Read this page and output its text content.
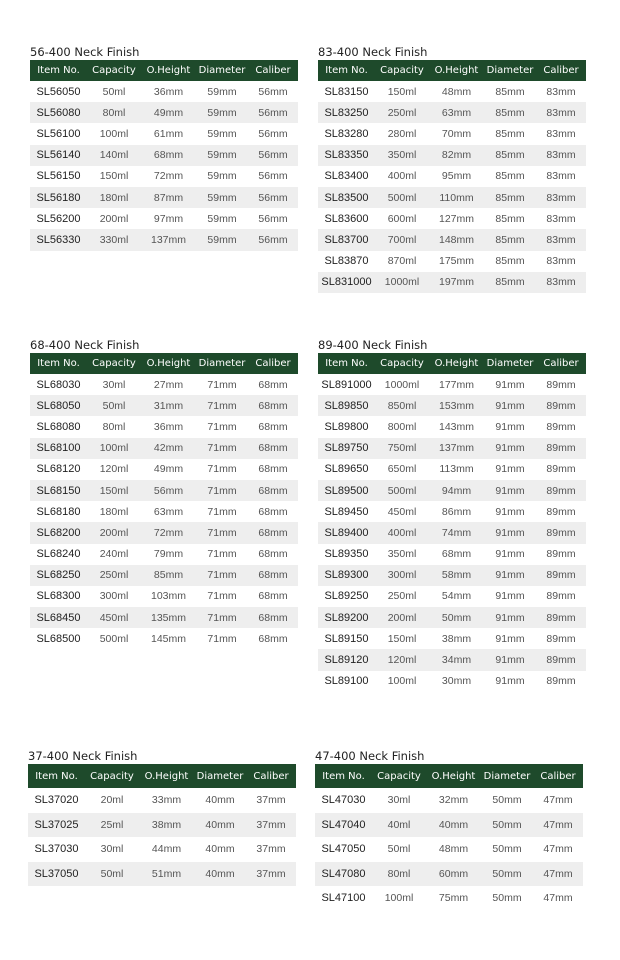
56-400 Neck Finish
Item No.	Capacity	O.Height	Diameter	Caliber
SL56050	50ml	36mm	59mm	56mm
SL56080	80ml	49mm	59mm	56mm
SL56100	100ml	61mm	59mm	56mm
SL56140	140ml	68mm	59mm	56mm
SL56150	150ml	72mm	59mm	56mm
SL56180	180ml	87mm	59mm	56mm
SL56200	200ml	97mm	59mm	56mm
SL56330	330ml	137mm	59mm	56mm
83-400 Neck Finish
Item No.	Capacity	O.Height	Diameter	Caliber
SL83150	150ml	48mm	85mm	83mm
SL83250	250ml	63mm	85mm	83mm
SL83280	280ml	70mm	85mm	83mm
SL83350	350ml	82mm	85mm	83mm
SL83400	400ml	95mm	85mm	83mm
SL83500	500ml	110mm	85mm	83mm
SL83600	600ml	127mm	85mm	83mm
SL83700	700ml	148mm	85mm	83mm
SL83870	870ml	175mm	85mm	83mm
SL831000	1000ml	197mm	85mm	83mm
68-400 Neck Finish
Item No.	Capacity	O.Height	Diameter	Caliber
SL68030	30ml	27mm	71mm	68mm
SL68050	50ml	31mm	71mm	68mm
SL68080	80ml	36mm	71mm	68mm
SL68100	100ml	42mm	71mm	68mm
SL68120	120ml	49mm	71mm	68mm
SL68150	150ml	56mm	71mm	68mm
SL68180	180ml	63mm	71mm	68mm
SL68200	200ml	72mm	71mm	68mm
SL68240	240ml	79mm	71mm	68mm
SL68250	250ml	85mm	71mm	68mm
SL68300	300ml	103mm	71mm	68mm
SL68450	450ml	135mm	71mm	68mm
SL68500	500ml	145mm	71mm	68mm
89-400 Neck Finish
Item No.	Capacity	O.Height	Diameter	Caliber
SL891000	1000ml	177mm	91mm	89mm
SL89850	850ml	153mm	91mm	89mm
SL89800	800ml	143mm	91mm	89mm
SL89750	750ml	137mm	91mm	89mm
SL89650	650ml	113mm	91mm	89mm
SL89500	500ml	94mm	91mm	89mm
SL89450	450ml	86mm	91mm	89mm
SL89400	400ml	74mm	91mm	89mm
SL89350	350ml	68mm	91mm	89mm
SL89300	300ml	58mm	91mm	89mm
SL89250	250ml	54mm	91mm	89mm
SL89200	200ml	50mm	91mm	89mm
SL89150	150ml	38mm	91mm	89mm
SL89120	120ml	34mm	91mm	89mm
SL89100	100ml	30mm	91mm	89mm
37-400 Neck Finish
Item No.	Capacity	O.Height	Diameter	Caliber
SL37020	20ml	33mm	40mm	37mm
SL37025	25ml	38mm	40mm	37mm
SL37030	30ml	44mm	40mm	37mm
SL37050	50ml	51mm	40mm	37mm
47-400 Neck Finish
Item No.	Capacity	O.Height	Diameter	Caliber
SL47030	30ml	32mm	50mm	47mm
SL47040	40ml	40mm	50mm	47mm
SL47050	50ml	48mm	50mm	47mm
SL47080	80ml	60mm	50mm	47mm
SL47100	100ml	75mm	50mm	47mm
